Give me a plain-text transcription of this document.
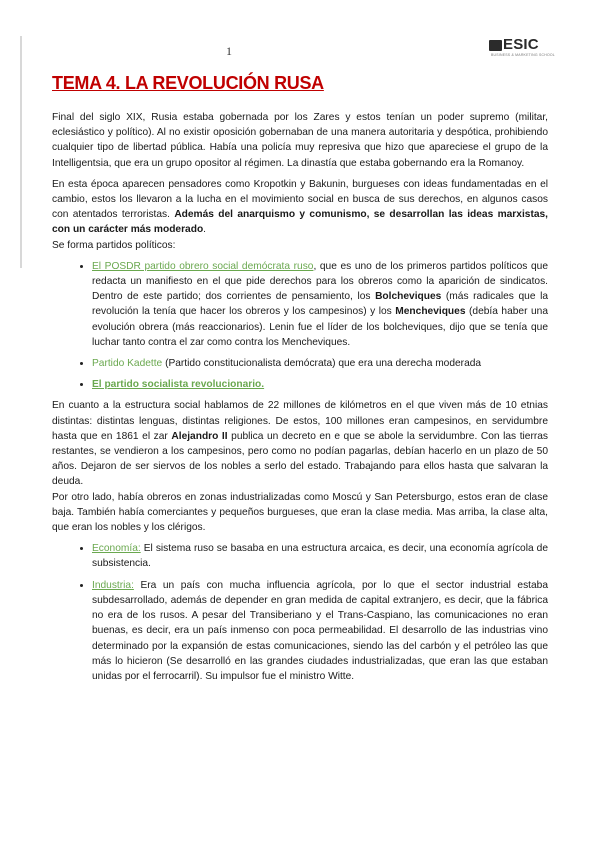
1	ESIC
BUSINESS & MARKETING SCHOOL
TEMA 4. LA REVOLUCIÓN RUSA

Final del siglo XIX, Rusia estaba gobernada por los Zares y estos tenían un poder supremo (militar, eclesiástico y político). Al no existir oposición gobernaban de una manera autoritaria y despótica, prohibiendo cualquier tipo de libertad pública. Había una policía muy represiva que hizo que apareciese el grupo de la Intelligentsia, que era un grupo opositor al régimen. La dinastía que estaba gobernando era la Romanoy.

En esta época aparecen pensadores como Kropotkin y Bakunin, burgueses con ideas fundamentadas en el cambio, estos los llevaron a la lucha en el movimiento social en busca de sus derechos, en algunos casos con atentados terroristas. Además del anarquismo y comunismo, se desarrollan las ideas marxistas, con un carácter más moderado.

Se forma partidos políticos:

• El POSDR partido obrero social demócrata ruso, que es uno de los primeros partidos políticos que redacta un manifiesto en el que pide derechos para los obreros como la aparición de sindicatos. Dentro de este partido; dos corrientes de pensamiento, los Bolcheviques (más radicales que la revolución la tenía que hacer los obreros y los campesinos) y los Mencheviques (debía haber una evolución obrera (más reaccionarios). Lenin fue el líder de los bolcheviques, dijo que se tenía que luchar tanto contra el zar como contra los Mencheviques.
• Partido Kadette (Partido constitucionalista demócrata) que era una derecha moderada
• El partido socialista revolucionario.

En cuanto a la estructura social hablamos de 22 millones de kilómetros en el que viven más de 10 etnias distintas: distintas lenguas, distintas religiones. De estos, 100 millones eran campesinos, en servidumbre hasta que en 1861 el zar Alejandro II publica un decreto en e que se abole la servidumbre. Con las tierras restantes, se vendieron a los campesinos, pero como no podían pagarlas, debían hacerlo en un plazo de 50 años. Dejaron de ser siervos de los nobles a serlo del estado. Trabajando para ellos hasta que salvaran la deuda.

Por otro lado, había obreros en zonas industrializadas como Moscú y San Petersburgo, estos eran de clase baja. También había comerciantes y pequeños burgueses, que eran la clase media. Mas arriba, la clase alta, que eran los nobles y los clérigos.

• Economía: El sistema ruso se basaba en una estructura arcaica, es decir, una economía agrícola de subsistencia.
• Industria: Era un país con mucha influencia agrícola, por lo que el sector industrial estaba subdesarrollado, además de depender en gran medida de capital extranjero, es decir, que la fábrica no era de los rusos. A pesar del Transiberiano y el Trans-Caspiano, las comunicaciones no eran buenas, es decir, era un país inmenso con poca permeabilidad. El desarrollo de las industrias vino determinado por la expansión de estas comunicaciones, siendo las del carbón y el petróleo las que más lo hicieron (Se desarrolló en las grandes ciudades industrializadas, que eran las que estaban unidas por el ferrocarril). Su impulsor fue el ministro Witte.
